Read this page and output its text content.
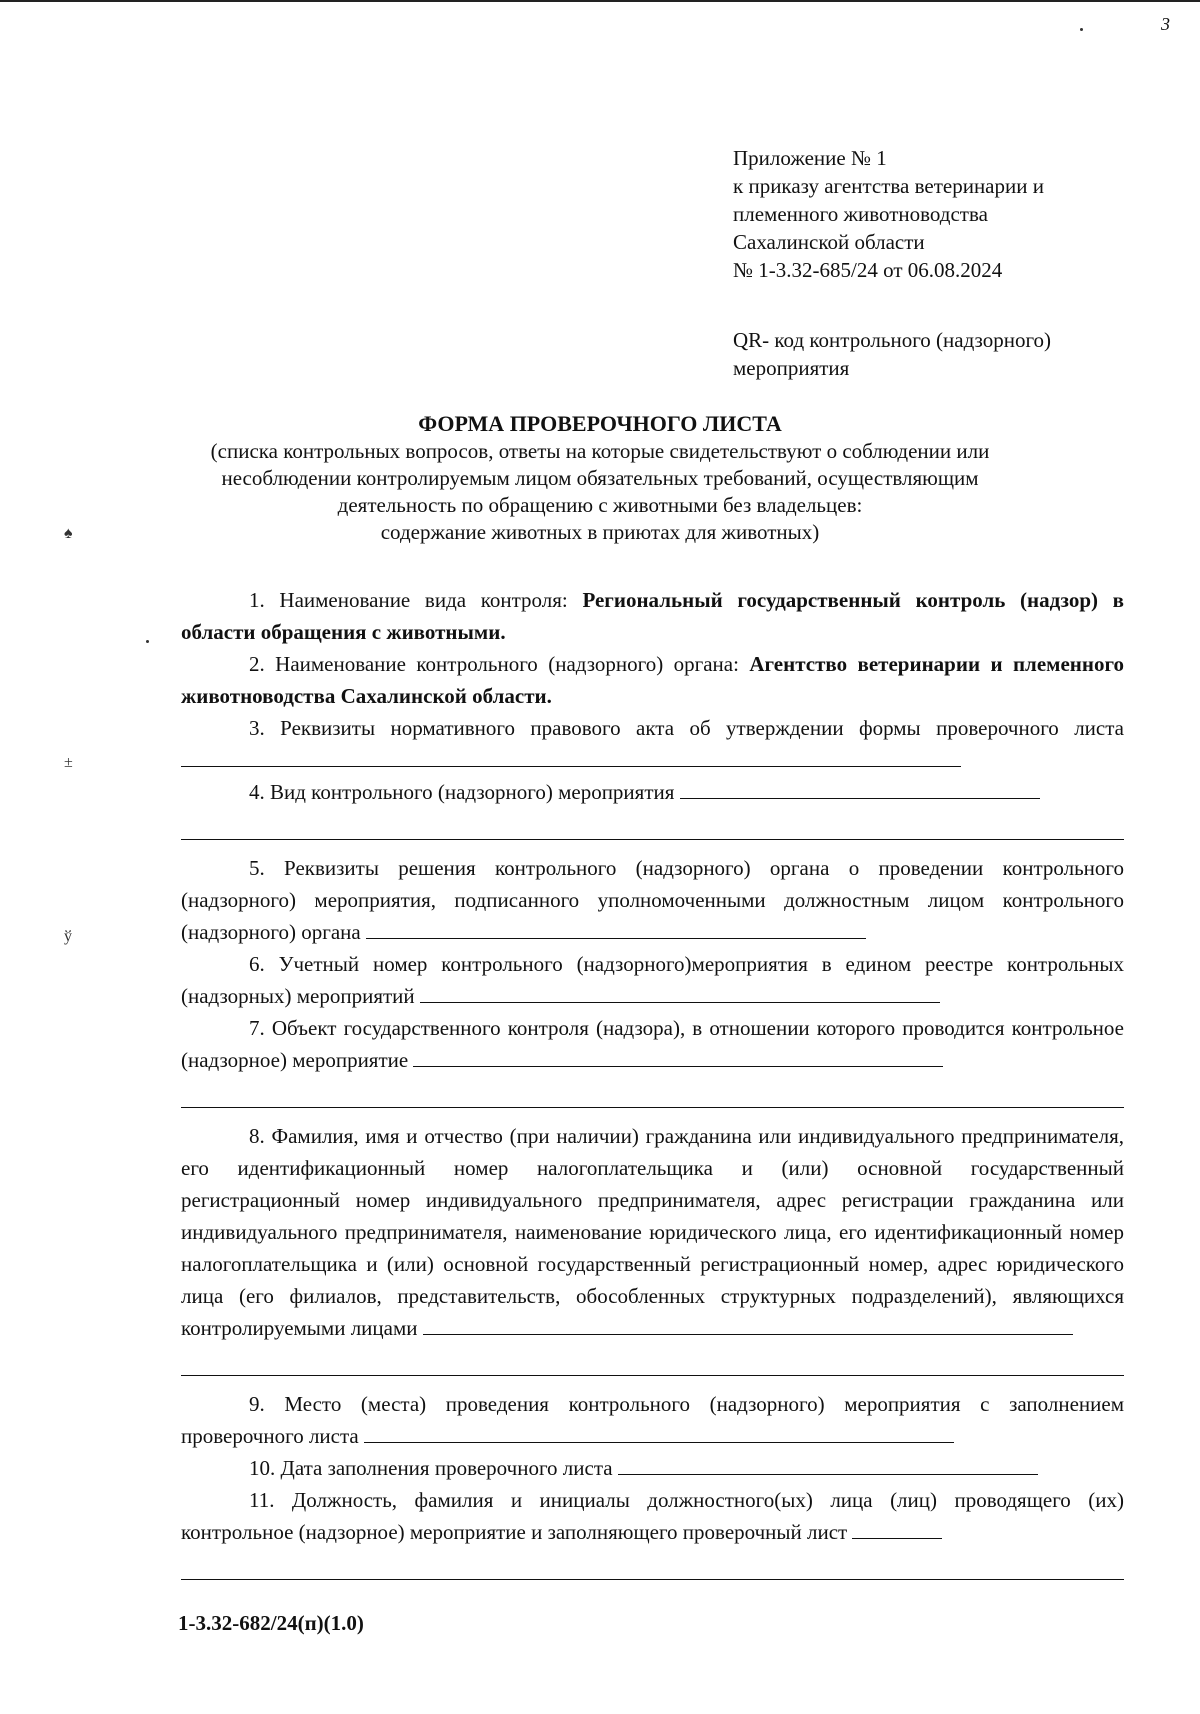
3
♠
±
ў
Приложение № 1
к приказу агентства ветеринарии и
племенного животноводства
Сахалинской области
№ 1-3.32-685/24 от 06.08.2024
QR- код контрольного (надзорного)
мероприятия
ФОРМА ПРОВЕРОЧНОГО ЛИСТА
(списка контрольных вопросов, ответы на которые свидетельствуют о соблюдении или
несоблюдении контролируемым лицом обязательных требований, осуществляющим
деятельность по обращению с животными без владельцев:
содержание животных в приютах для животных)
1. Наименование вида контроля: Региональный государственный контроль (надзор) в области обращения с животными.
2. Наименование контрольного (надзорного) органа: Агентство ветеринарии и племенного животноводства Сахалинской области.
3. Реквизиты нормативного правового акта об утверждении формы проверочного листа
4. Вид контрольного (надзорного) мероприятия
5. Реквизиты решения контрольного (надзорного) органа о проведении контрольного (надзорного) мероприятия, подписанного уполномоченными должностным лицом контрольного (надзорного) органа
6. Учетный номер контрольного (надзорного)мероприятия в едином реестре контрольных (надзорных) мероприятий
7. Объект государственного контроля (надзора), в отношении которого проводится контрольное (надзорное) мероприятие
8. Фамилия, имя и отчество (при наличии) гражданина или индивидуального предпринимателя, его идентификационный номер налогоплательщика и (или) основной государственный регистрационный номер индивидуального предпринимателя, адрес регистрации гражданина или индивидуального предпринимателя, наименование юридического лица, его идентификационный номер налогоплательщика и (или) основной государственный регистрационный номер, адрес юридического лица (его филиалов, представительств, обособленных структурных подразделений), являющихся контролируемыми лицами
9. Место (места) проведения контрольного (надзорного) мероприятия с заполнением проверочного листа
10. Дата заполнения проверочного листа
11. Должность, фамилия и инициалы должностного(ых) лица (лиц) проводящего (их) контрольное (надзорное) мероприятие и заполняющего проверочный лист
1-3.32-682/24(п)(1.0)
